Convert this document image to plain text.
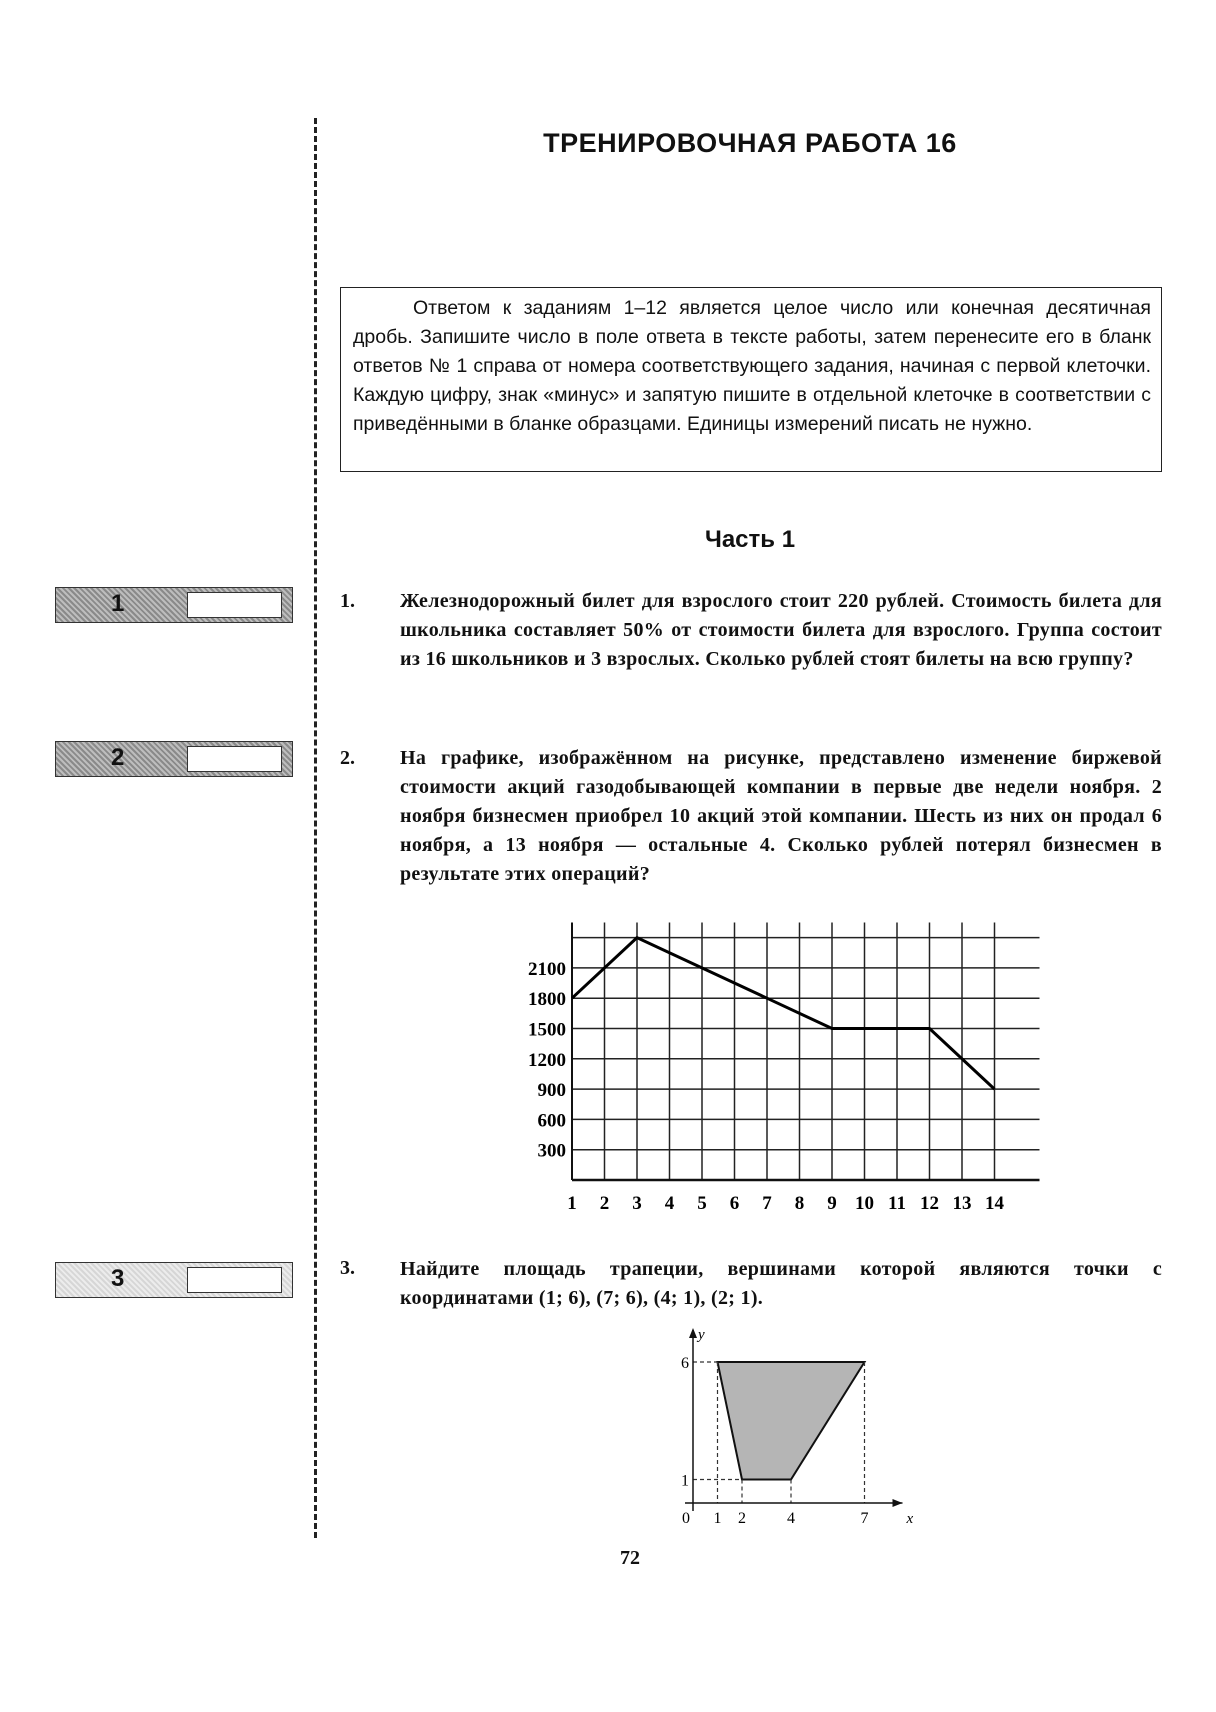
ТРЕНИРОВОЧНАЯ РАБОТА 16
Ответом к заданиям 1–12 является целое число или конечная десятичная дробь. Запишите число в поле ответа в тексте работы, затем перенесите его в бланк ответов № 1 справа от номера соответствующего задания, начиная с первой клеточки. Каждую цифру, знак «минус» и запятую пишите в отдельной клеточке в соответствии с приведёнными в бланке образцами. Единицы измерений писать не нужно.
Часть 1
1	1. Железнодорожный билет для взрослого стоит 220 рублей. Стоимость билета для школьника составляет 50% от стоимости билета для взрослого. Группа состоит из 16 школьников и 3 взрослых. Сколько рублей стоят билеты на всю группу?
2	2. На графике, изображённом на рисунке, представлено изменение биржевой стоимости акций газодобывающей компании в первые две недели ноября. 2 ноября бизнесмен приобрел 10 акций этой компании. Шесть из них он продал 6 ноября, а 13 ноября — остальные 4. Сколько рублей потерял бизнесмен в результате этих операций?
300
600
900
1200
1500
1800
2100
1 2 3 4 5 6 7 8 9 10 11 12 13 14
3	3. Найдите площадь трапеции, вершинами которой являются точки с координатами (1; 6), (7; 6), (4; 1), (2; 1).
x
y
0 1 2	4	7
1
6
72
